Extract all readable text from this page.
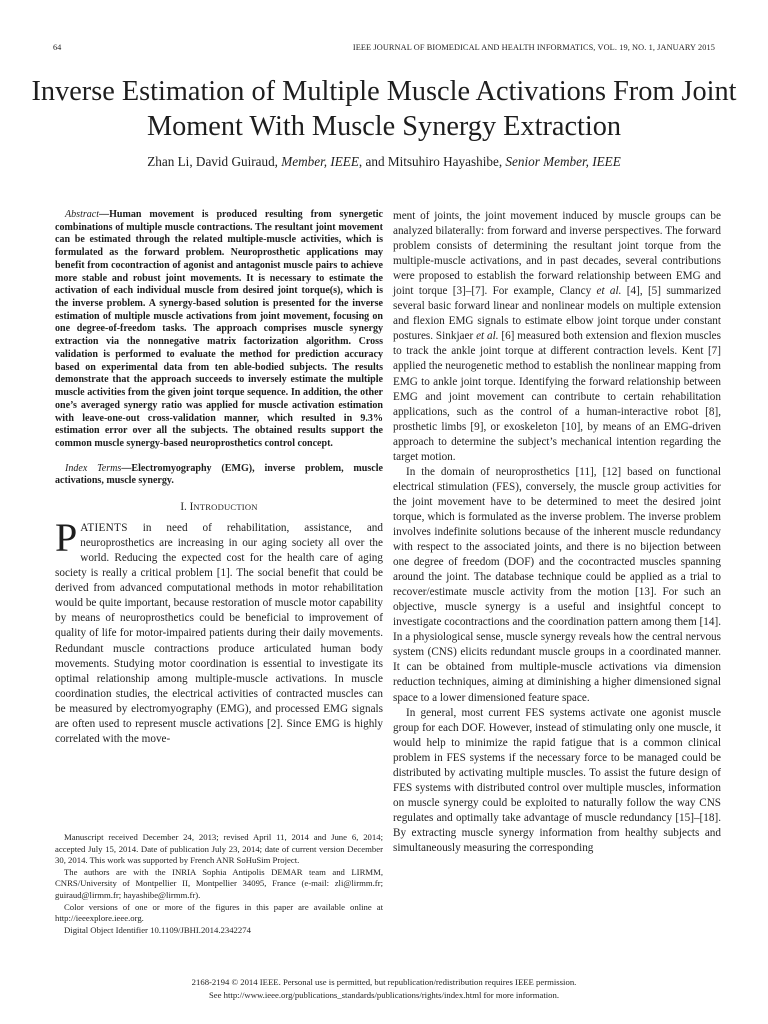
64	IEEE JOURNAL OF BIOMEDICAL AND HEALTH INFORMATICS, VOL. 19, NO. 1, JANUARY 2015
Inverse Estimation of Multiple Muscle Activations From Joint Moment With Muscle Synergy Extraction
Zhan Li, David Guiraud, Member, IEEE, and Mitsuhiro Hayashibe, Senior Member, IEEE

Abstract—Human movement is produced resulting from synergetic combinations of multiple muscle contractions. The resultant joint movement can be estimated through the related multiple-muscle activities, which is formulated as the forward problem. Neuroprosthetic applications may benefit from cocontraction of agonist and antagonist muscle pairs to achieve more stable and robust joint movements. It is necessary to estimate the activation of each individual muscle from desired joint torque(s), which is the inverse problem. A synergy-based solution is presented for the inverse estimation of multiple muscle activations from joint movement, focusing on one degree-of-freedom tasks. The approach comprises muscle synergy extraction via the nonnegative matrix factorization algorithm. Cross validation is performed to evaluate the method for prediction accuracy based on experimental data from ten able-bodied subjects. The results demonstrate that the approach succeeds to inversely estimate the multiple muscle activities from the given joint torque sequence. In addition, the other one’s averaged synergy ratio was applied for muscle activation estimation with leave-one-out cross-validation manner, which resulted in 9.3% estimation error over all the subjects. The obtained results support the common muscle synergy-based neuroprosthetics control concept.

Index Terms—Electromyography (EMG), inverse problem, muscle activations, muscle synergy.

I. INTRODUCTION

PATIENTS in need of rehabilitation, assistance, and neuroprosthetics are increasing in our aging society all over the world. Reducing the expected cost for the health care of aging society is really a critical problem [1]. The social benefit that could be derived from advanced computational methods in motor rehabilitation would be quite important, because restoration of muscle motor capability by means of neuroprosthetics could be beneficial to improvement of quality of life for motor-impaired patients during their daily movements. Redundant muscle contractions produce articulated human body movements. Studying motor coordination is essential to investigate its optimal relationship among multiple-muscle activations. In muscle coordination studies, the electrical activities of contracted muscles can be measured by electromyography (EMG), and processed EMG signals are often used to represent muscle activations [2]. Since EMG is highly correlated with the move-

Manuscript received December 24, 2013; revised April 11, 2014 and June 6, 2014; accepted July 15, 2014. Date of publication July 23, 2014; date of current version December 30, 2014. This work was supported by French ANR SoHuSim Project.

The authors are with the INRIA Sophia Antipolis DEMAR team and LIRMM, CNRS/University of Montpellier II, Montpellier 34095, France (e-mail: zli@lirmm.fr; guiraud@lirmm.fr; hayashibe@lirmm.fr).

Color versions of one or more of the figures in this paper are available online at http://ieeexplore.ieee.org.

Digital Object Identifier 10.1109/JBHI.2014.2342274

ment of joints, the joint movement induced by muscle groups can be analyzed bilaterally: from forward and inverse perspectives. The forward problem consists of determining the resultant joint torque from the multiple-muscle activations, and in past decades, several contributions were proposed to establish the forward relationship between EMG and joint torque [3]–[7]. For example, Clancy et al. [4], [5] summarized several basic forward linear and nonlinear models on multiple extension and flexion EMG signals to estimate elbow joint torque under constant postures. Sinkjaer et al. [6] measured both extension and flexion muscles to track the ankle joint torque at different contraction levels. Kent [7] applied the neurogenetic method to establish the nonlinear mapping from EMG to ankle joint torque. Identifying the forward relationship between EMG and joint movement can contribute to certain rehabilitation applications, such as the control of a human-interactive robot [8], prosthetic limbs [9], or exoskeleton [10], by means of an EMG-driven approach to determine the subject’s mechanical intention regarding the target motion.

In the domain of neuroprosthetics [11], [12] based on functional electrical stimulation (FES), conversely, the muscle group activities for the joint movement have to be determined to meet the desired joint torque, which is formulated as the inverse problem. The inverse problem involves indefinite solutions because of the inherent muscle redundancy with respect to the associated joints, and there is no bijection between one degree of freedom (DOF) and the cocontracted muscles spanning around the joint. The database technique could be applied as a trial to recover/estimate muscle activity from the motion [13]. For such an objective, muscle synergy is a useful and insightful concept to investigate cocontractions and the coordination pattern among them [14]. In a physiological sense, muscle synergy reveals how the central nervous system (CNS) elicits redundant muscle groups in a coordinated manner. It can be obtained from multiple-muscle activations via dimension reduction techniques, aiming at diminishing a higher dimensioned signal space to a lower dimensioned feature space.

In general, most current FES systems activate one agonist muscle group for each DOF. However, instead of stimulating only one muscle, it would help to minimize the rapid fatigue that is a common clinical problem in FES systems if the necessary force to be managed could be distributed by activating multiple muscles. To assist the future design of FES systems with distributed control over multiple muscles, information on muscle synergy could be exploited to naturally follow the way CNS regulates and optimally take advantage of muscle redundancy [15]–[18]. By extracting muscle synergy information from healthy subjects and simultaneously measuring the corresponding

2168-2194 © 2014 IEEE. Personal use is permitted, but republication/redistribution requires IEEE permission.
See http://www.ieee.org/publications_standards/publications/rights/index.html for more information.
